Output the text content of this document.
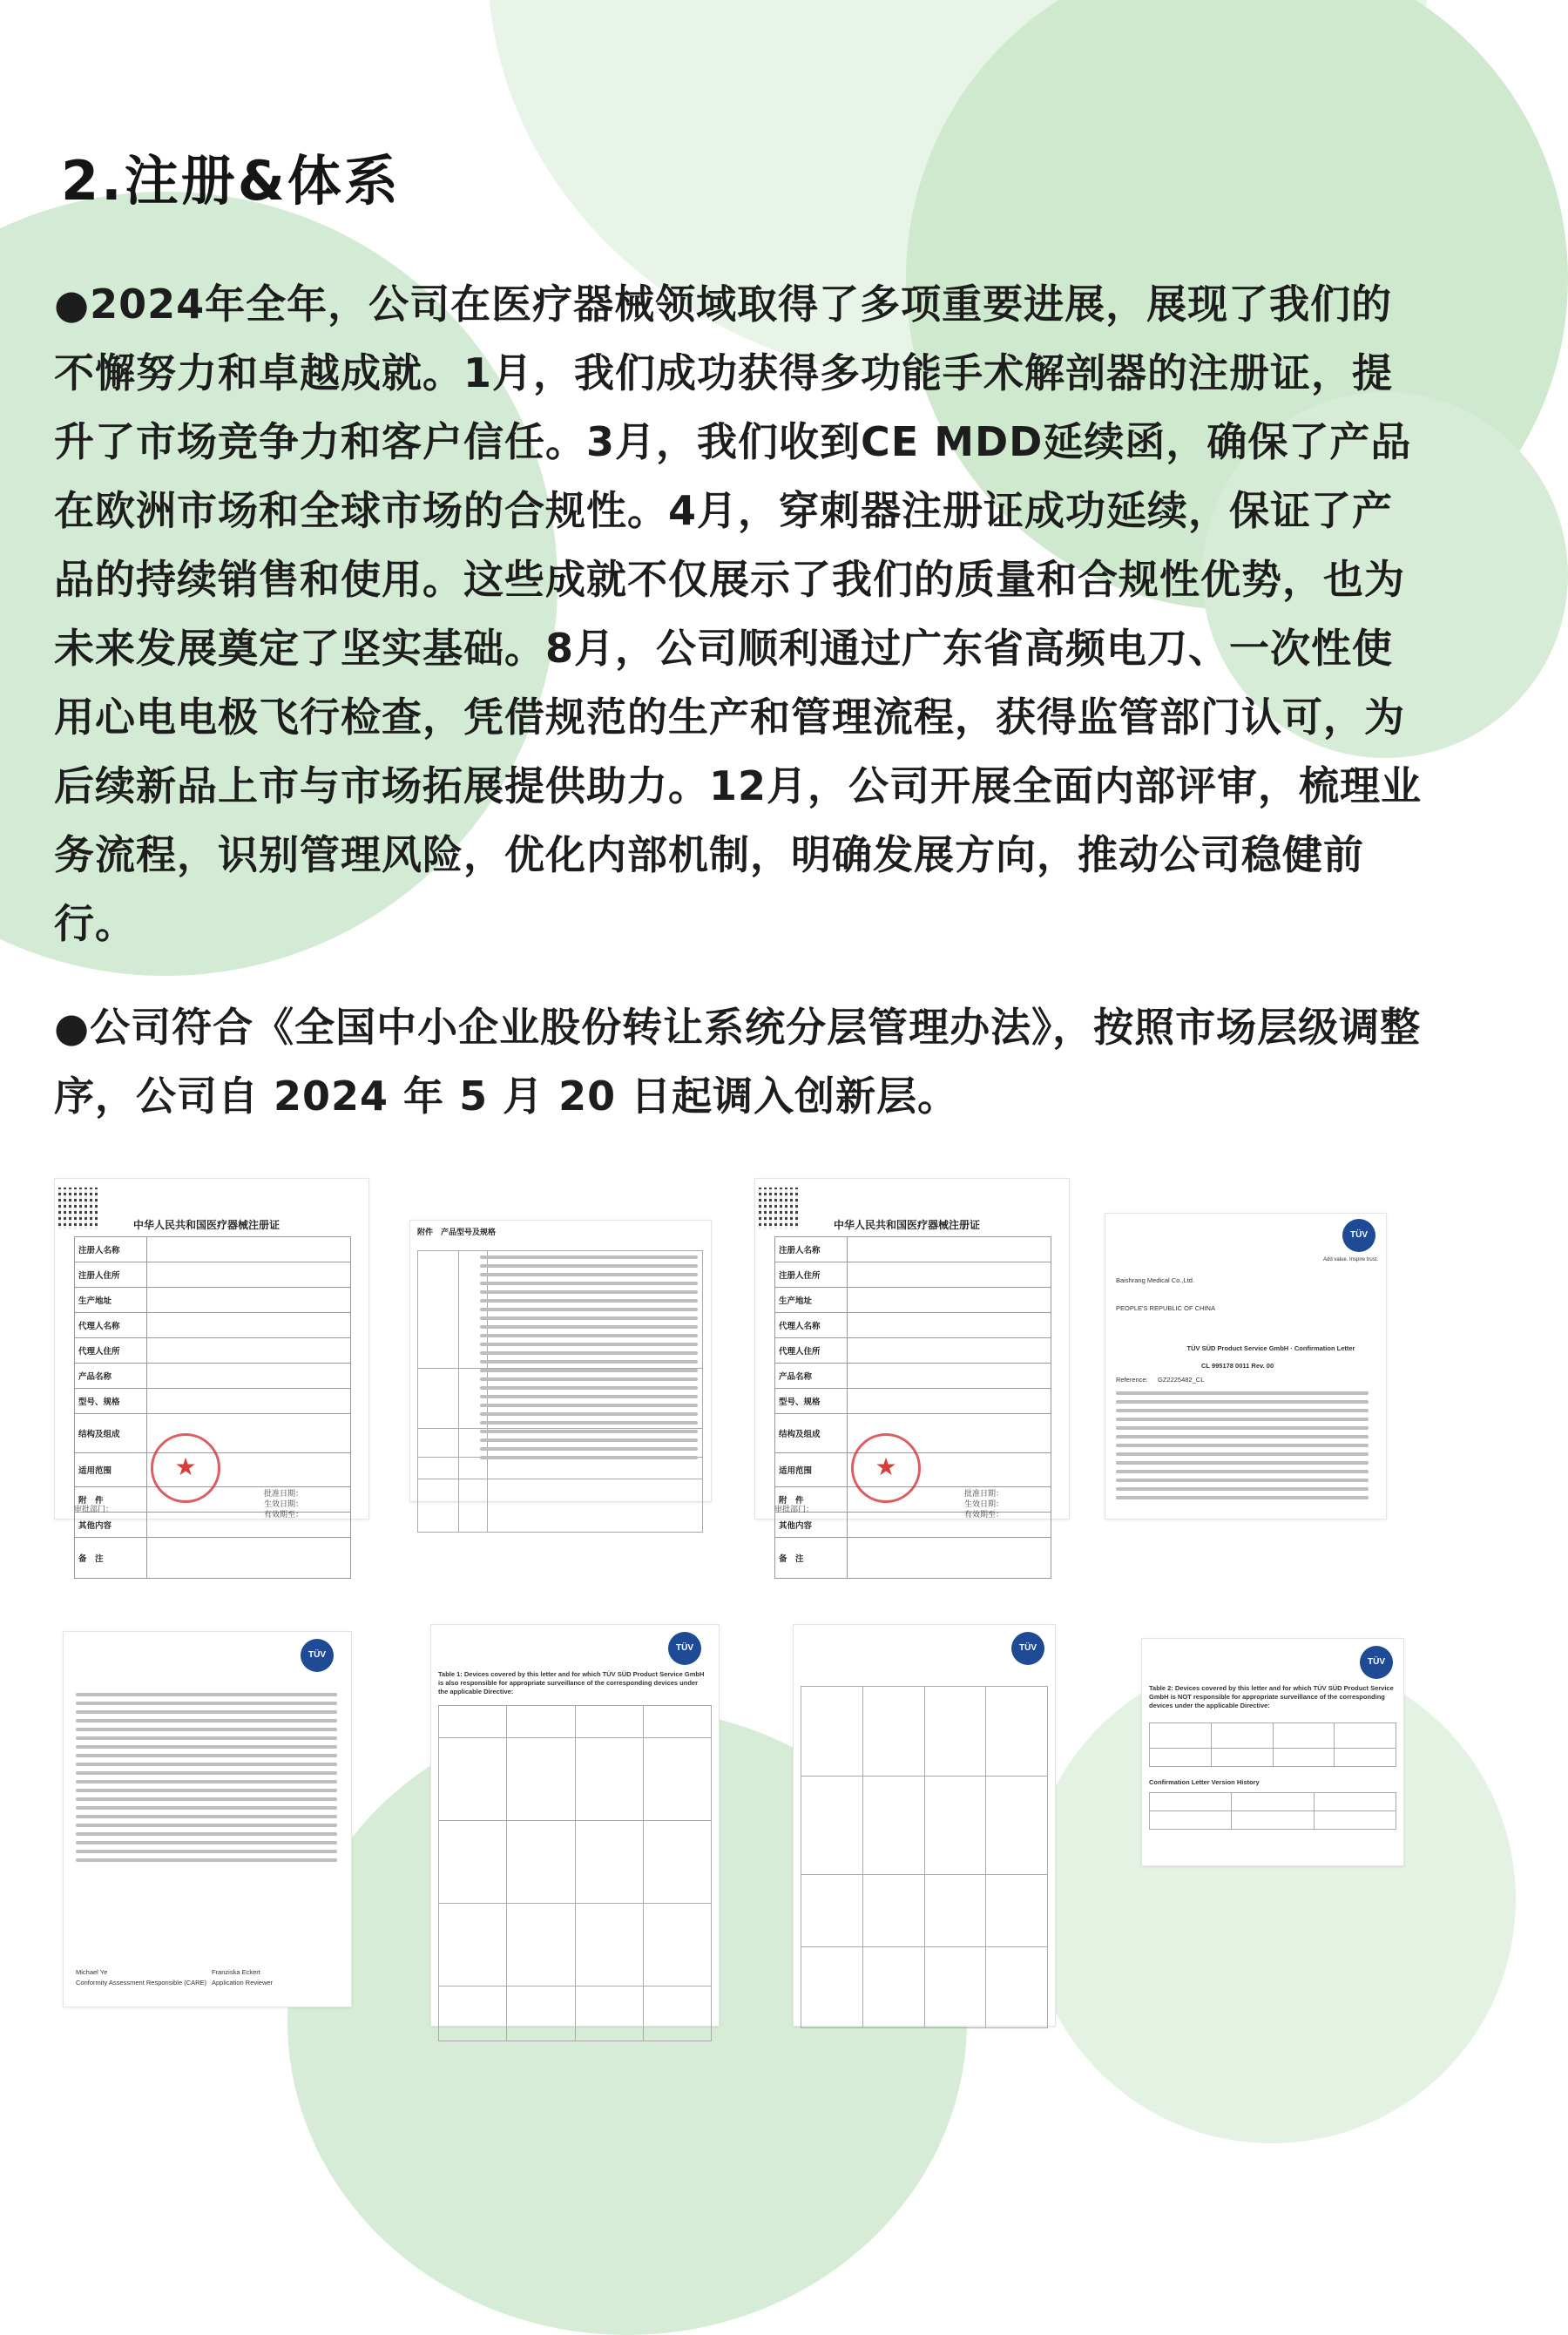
2.注册&体系
●2024年全年，公司在医疗器械领域取得了多项重要进展，展现了我们的不懈努力和卓越成就。1月，我们成功获得多功能手术解剖器的注册证，提升了市场竞争力和客户信任。3月，我们收到CE MDD延续函，确保了产品在欧洲市场和全球市场的合规性。4月，穿刺器注册证成功延续，保证了产品的持续销售和使用。这些成就不仅展示了我们的质量和合规性优势，也为未来发展奠定了坚实基础。8月，公司顺利通过广东省高频电刀、一次性使用心电电极飞行检查，凭借规范的生产和管理流程，获得监管部门认可，为后续新品上市与市场拓展提供助力。12月，公司开展全面内部评审，梳理业务流程，识别管理风险，优化内部机制，明确发展方向，推动公司稳健前行。
●公司符合《全国中小企业股份转让系统分层管理办法》，按照市场层级调整序，公司自 2024 年 5 月 20 日起调入创新层。
中华人民共和国医疗器械注册证
注册人名称	
注册人住所	
生产地址	
代理人名称	
代理人住所	
产品名称	
型号、规格	
结构及组成	
适用范围	
附　件	
其他内容	
备　注	
★
审批部门：
批准日期：
生效日期：
有效期至：
附件　产品型号及规格

中华人民共和国医疗器械注册证
注册人名称	
注册人住所	
生产地址	
代理人名称	
代理人住所	
产品名称	
型号、规格	
结构及组成	
适用范围	
附　件	
其他内容	
备　注	
★
审批部门：
批准日期：
生效日期：
有效期至：
TÜV
Add value. Inspire trust.
Baishrang Medical Co.,Ltd.
PEOPLE'S REPUBLIC OF CHINA
TÜV SÜD Product Service GmbH · Confirmation Letter
CL 995178 0011 Rev. 00
Reference: GZ2225482_CL
TÜV
Michael Ye
Conformity Assessment Responsible (CARE)
Franziska Eckert
Application Reviewer
TÜV
Table 1: Devices covered by this letter and for which TÜV SÜD Product Service GmbH is also responsible for appropriate surveillance of the corresponding devices under the applicable Directive:

TÜV

TÜV
Table 2: Devices covered by this letter and for which TÜV SÜD Product Service GmbH is NOT responsible for appropriate surveillance of the corresponding devices under the applicable Directive:

Confirmation Letter Version History
